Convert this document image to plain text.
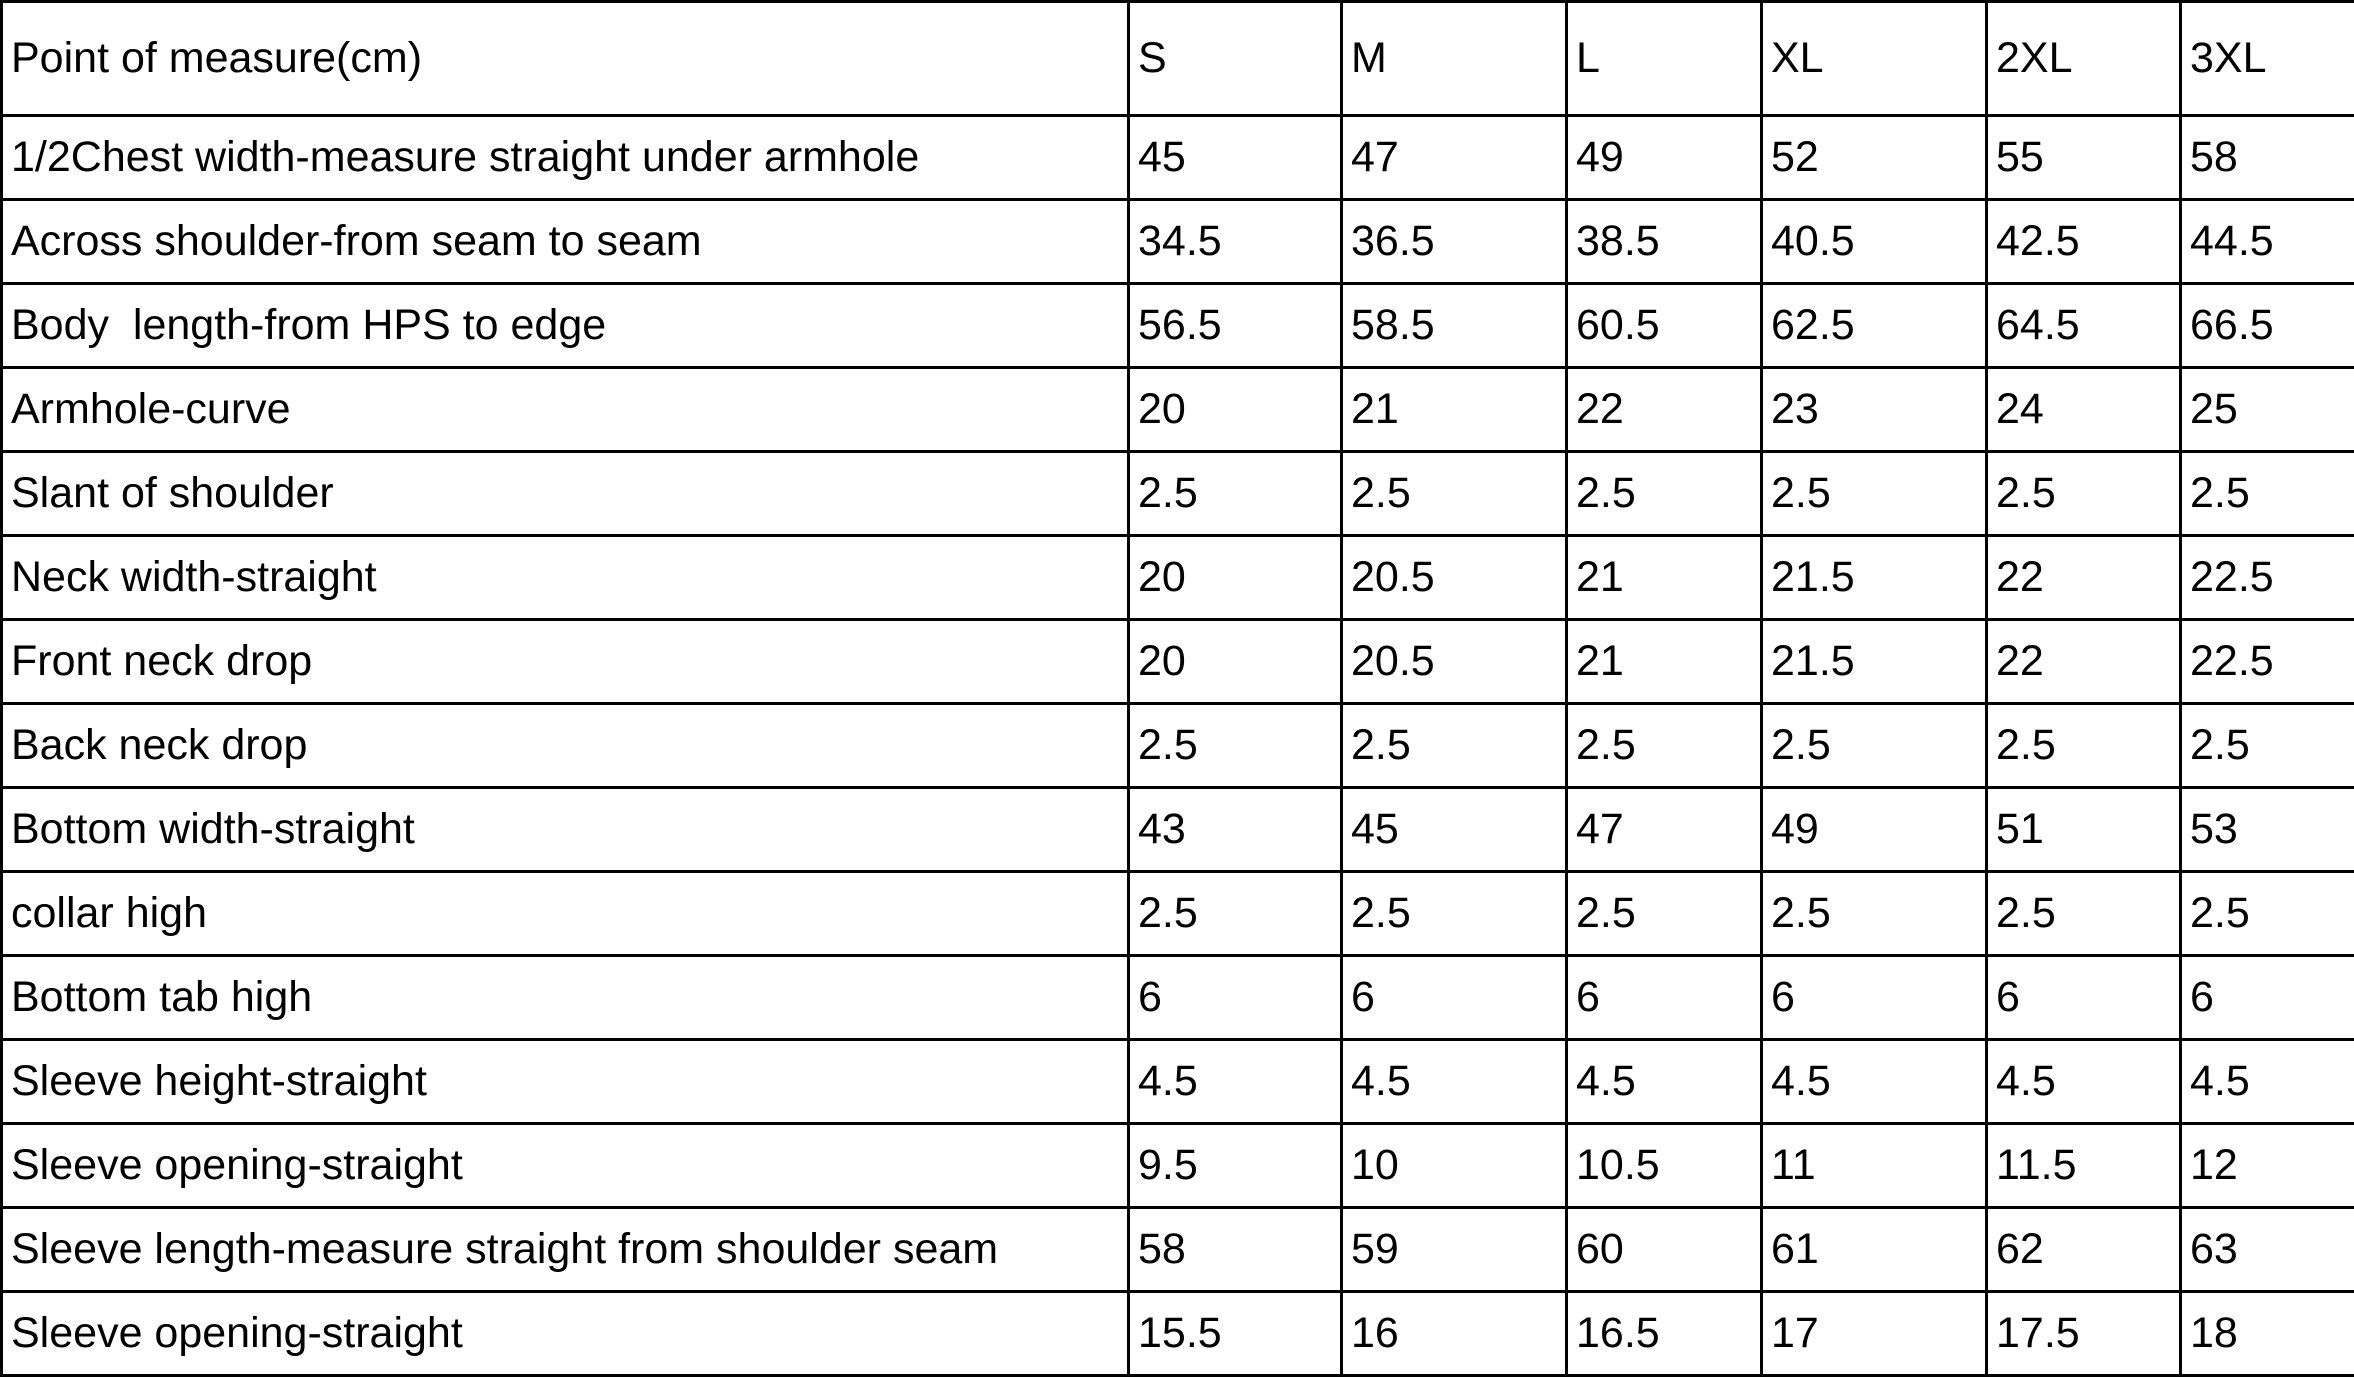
Point of measure(cm)	S	M	L	XL	2XL	3XL
1/2Chest width-measure straight under armhole	45	47	49	52	55	58
Across shoulder-from seam to seam	34.5	36.5	38.5	40.5	42.5	44.5
Body  length-from HPS to edge	56.5	58.5	60.5	62.5	64.5	66.5
Armhole-curve	20	21	22	23	24	25
Slant of shoulder	2.5	2.5	2.5	2.5	2.5	2.5
Neck width-straight	20	20.5	21	21.5	22	22.5
Front neck drop	20	20.5	21	21.5	22	22.5
Back neck drop	2.5	2.5	2.5	2.5	2.5	2.5
Bottom width-straight	43	45	47	49	51	53
collar high	2.5	2.5	2.5	2.5	2.5	2.5
Bottom tab high	6	6	6	6	6	6
Sleeve height-straight	4.5	4.5	4.5	4.5	4.5	4.5
Sleeve opening-straight	9.5	10	10.5	11	11.5	12
Sleeve length-measure straight from shoulder seam	58	59	60	61	62	63
Sleeve opening-straight	15.5	16	16.5	17	17.5	18
